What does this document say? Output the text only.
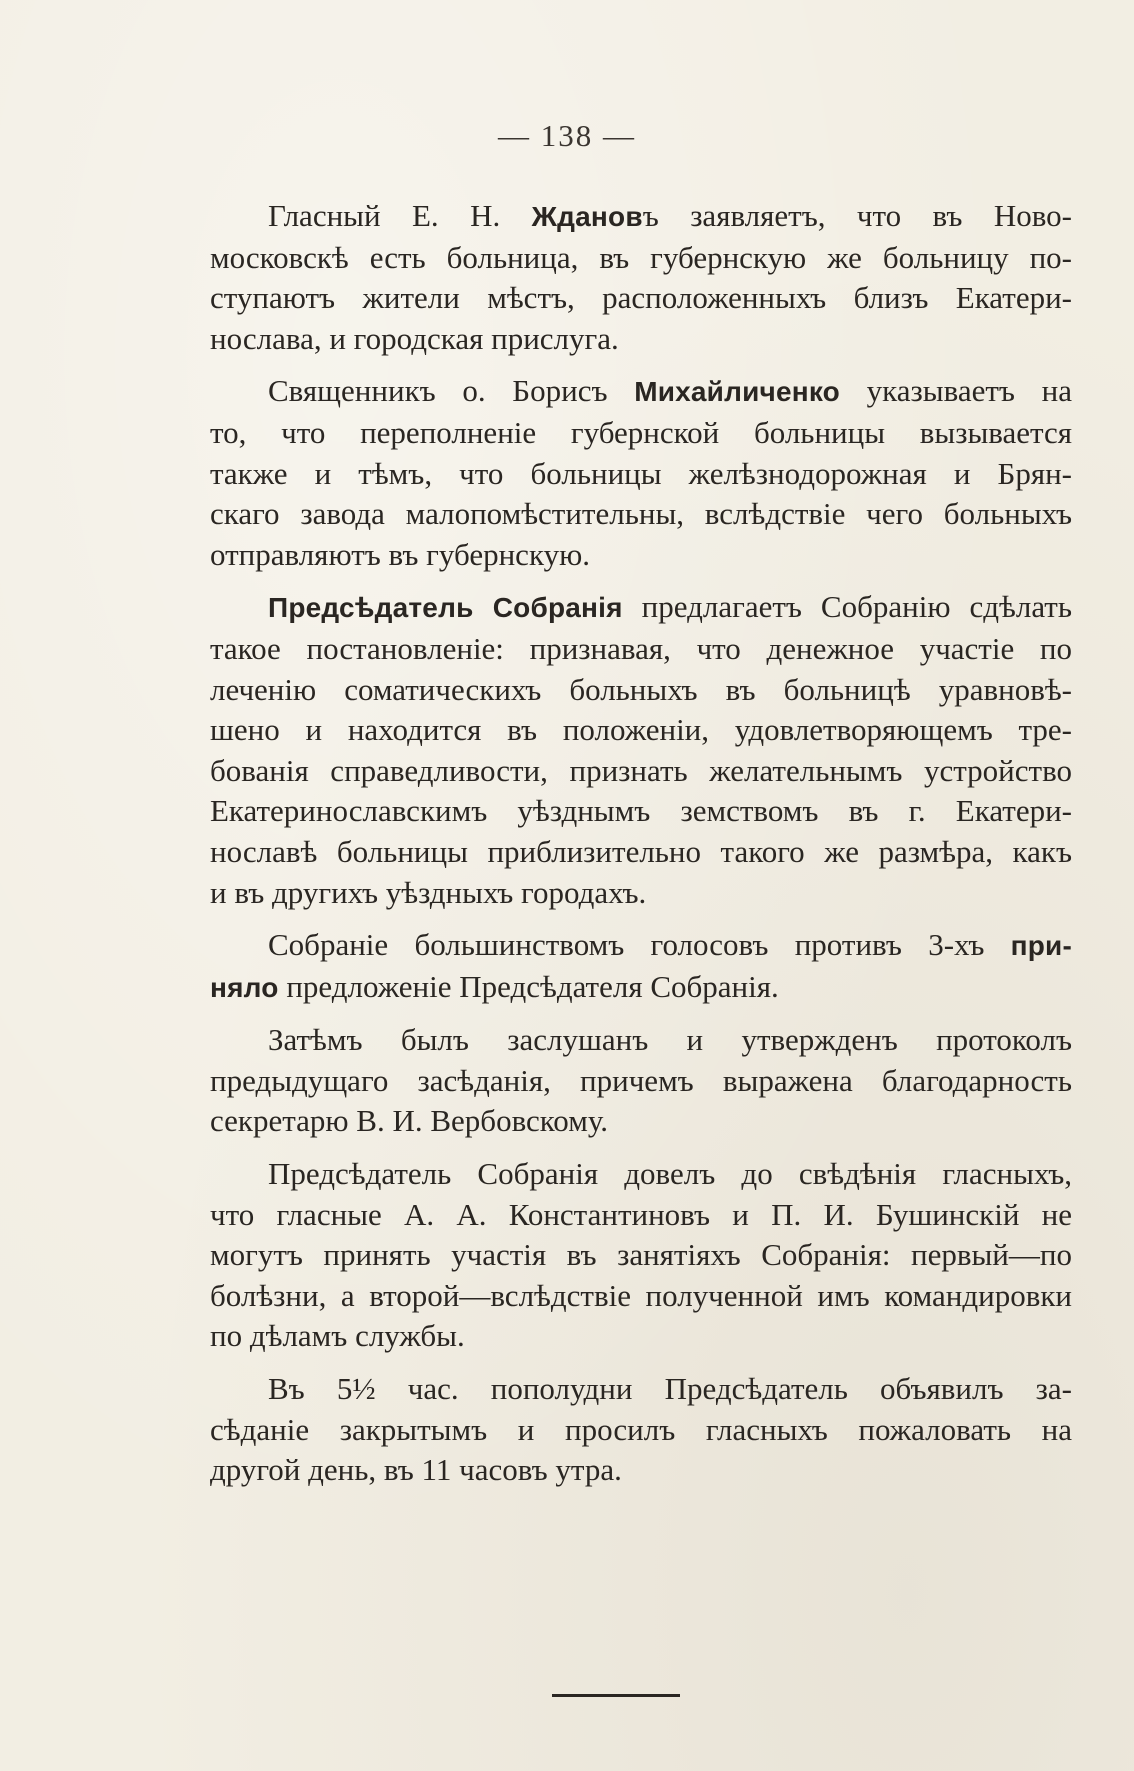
— 138 —
Гласный Е. Н. Ждановъ заявляетъ, что въ Ново-
московскѣ есть больница, въ губернскую же больницу по-
ступаютъ жители мѣстъ, расположенныхъ близъ Екатери-
нослава, и городская прислуга.
Священникъ о. Борисъ Михайличенко указываетъ на
то, что переполненіе губернской больницы вызывается
также и тѣмъ, что больницы желѣзнодорожная и Брян-
скаго завода малопомѣстительны, вслѣдствіе чего больныхъ
отправляютъ въ губернскую.
Предсѣдатель Собранія предлагаетъ Собранію сдѣлать
такое постановленіе: признавая, что денежное участіе по
леченію соматическихъ больныхъ въ больницѣ уравновѣ-
шено и находится въ положеніи, удовлетворяющемъ тре-
бованія справедливости, признать желательнымъ устройство
Екатеринославскимъ уѣзднымъ земствомъ въ г. Екатери-
нославѣ больницы приблизительно такого же размѣра, какъ
и въ другихъ уѣздныхъ городахъ.
Собраніе большинствомъ голосовъ противъ 3-хъ при-
няло предложеніе Предсѣдателя Собранія.
Затѣмъ былъ заслушанъ и утвержденъ протоколъ
предыдущаго засѣданія, причемъ выражена благодарность
секретарю В. И. Вербовскому.
Предсѣдатель Собранія довелъ до свѣдѣнія гласныхъ,
что гласные А. А. Константиновъ и П. И. Бушинскій не
могутъ принять участія въ занятіяхъ Собранія: первый—по
болѣзни, а второй—вслѣдствіе полученной имъ командировки
по дѣламъ службы.
Въ 5½ час. пополудни Предсѣдатель объявилъ за-
сѣданіе закрытымъ и просилъ гласныхъ пожаловать на
другой день, въ 11 часовъ утра.
